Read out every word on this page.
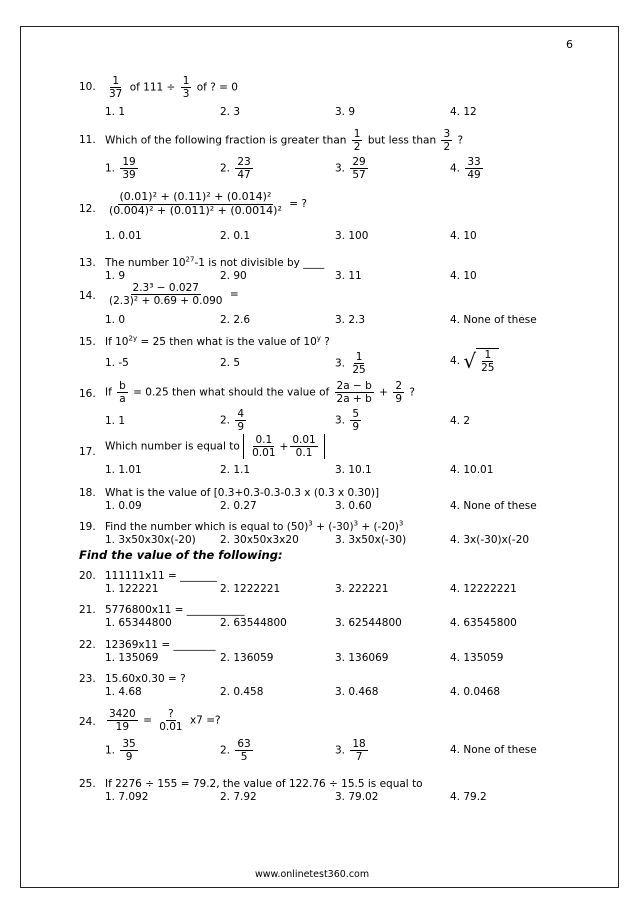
6
10. $\frac{1}{37}$ of $111 \div \frac{1}{3}$ of ? = 0
1. 1	2. 3	3. 9	4. 12
11. Which of the following fraction is greater than $\frac{1}{2}$ but less than $\frac{3}{2}$ ?
1. $\frac{19}{39}$	2. $\frac{23}{47}$	3. $\frac{29}{57}$	4. $\frac{33}{49}$
12. $\frac{\text{(0.01)² + (0.11)² + (0.014)²}}{\text{(0.004)² + (0.011)² + (0.0014)²}}$ = ?
1. 0.01	2. 0.1	3. 100	4. 10
13. The number $10^{27}-1$ is not divisible by ____
1. 9	2. 90	3. 11	4. 10
14. $\frac{\text{2.3³ − 0.027}}{\text{(2.3)² + 0.69 + 0.090}}$ =
1. 0	2. 2.6	3. 2.3	4. None of these
15. If $10^{2y} = 25$ then what is the value of 10$^y$ ?
1. -5	2. 5	3. $\frac{1}{25}$	4. √ $\frac{1}{25}$
16. If $\frac{b}{a} = 0.25$ then what should the value of $\frac{2a - b}{2a + b} + \frac{2}{9}$ ?
1. 1	2. $\frac{4}{9}$	3. $\frac{5}{9}$	4. 2
17. Which number is equal to $\frac{0.1}{0.01} + \frac{0.01}{0.1}$
1. 1.01	2. 1.1	3. 10.1	4. 10.01
18. What is the value of [0.3+0.3-0.3-0.3 x (0.3 x 0.30)]
1. 0.09	2. 0.27	3. 0.60	4. None of these
19. Find the number which is equal to $(50)^3 + (-30)^3 + (-20)^3$
1. 3x50x30x(-20) 2. 30x50x3x20	3. 3x50x(-30)	4. 3x(-30)x(-20
Find the value of the following:
20. 111111x11 = _______
1. 122221	2. 1222221	3. 222221	4. 12222221
21. 5776800x11 = ___________
1. 65344800	2. 63544800	3. 62544800	4. 63545800
22. 12369x11 = ________
1. 135069	2. 136059	3. 136069	4. 135059
23. 15.60x0.30 = ?
1. 4.68	2. 0.458	3. 0.468	4. 0.0468
24. $\frac{3420}{19} = \frac{?}{0.01} x7$ =?
1. $\frac{35}{9}$	2. $\frac{63}{5}$	3. $\frac{18}{7}$	4. None of these
25. If 2276 ÷ 155 = 79.2, the value of 122.76 ÷ 15.5 is equal to
1. 7.092	2. 7.92	3. 79.02	4. 79.2
www.onlinetest360.com
